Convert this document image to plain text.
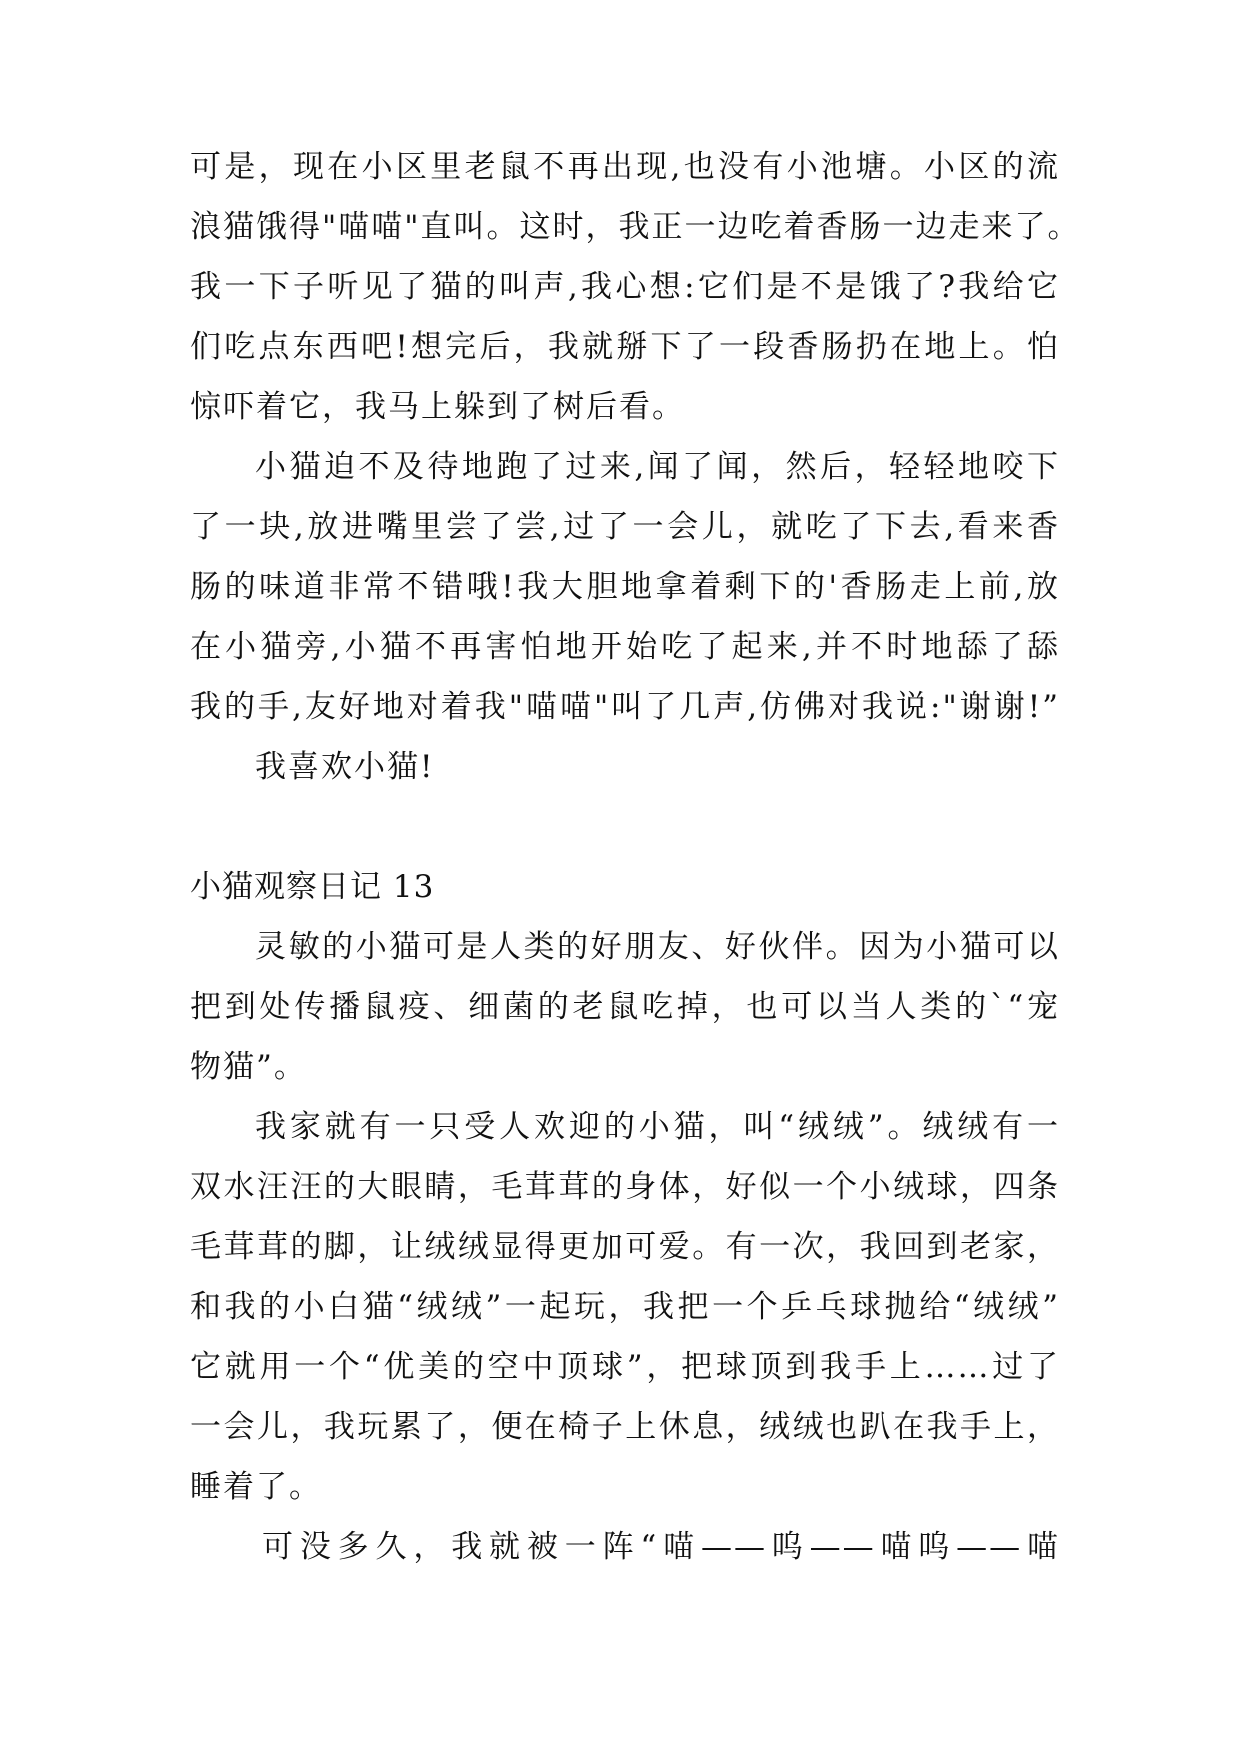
可是，现在小区里老鼠不再出现,也没有小池塘。小区的流
浪猫饿得"喵喵"直叫。这时，我正一边吃着香肠一边走来了。
我一下子听见了猫的叫声,我心想:它们是不是饿了?我给它
们吃点东西吧!想完后，我就掰下了一段香肠扔在地上。怕
惊吓着它，我马上躲到了树后看。
小猫迫不及待地跑了过来,闻了闻，然后，轻轻地咬下
了一块,放进嘴里尝了尝,过了一会儿，就吃了下去,看来香
肠的味道非常不错哦!我大胆地拿着剩下的'香肠走上前,放
在小猫旁,小猫不再害怕地开始吃了起来,并不时地舔了舔
我的手,友好地对着我"喵喵"叫了几声,仿佛对我说:"谢谢!”
我喜欢小猫!
小猫观察日记 13
灵敏的小猫可是人类的好朋友、好伙伴。因为小猫可以
把到处传播鼠疫、细菌的老鼠吃掉，也可以当人类的`“宠
物猫”。
我家就有一只受人欢迎的小猫，叫“绒绒”。绒绒有一
双水汪汪的大眼睛，毛茸茸的身体，好似一个小绒球，四条
毛茸茸的脚，让绒绒显得更加可爱。有一次，我回到老家，
和我的小白猫“绒绒”一起玩，我把一个乒乓球抛给“绒绒”
它就用一个“优美的空中顶球”，把球顶到我手上……过了
一会儿，我玩累了，便在椅子上休息，绒绒也趴在我手上，
睡着了。
可没多久，我就被一阵“喵——呜——喵呜——喵
